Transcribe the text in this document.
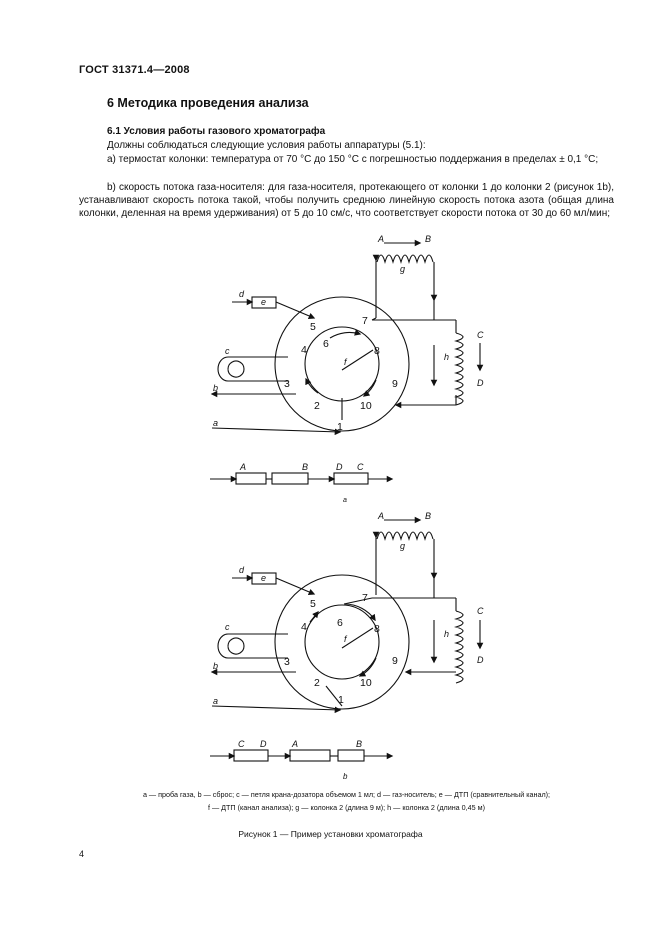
ГОСТ 31371.4—2008
6 Методика проведения анализа
6.1 Условия работы газового хроматографа
Должны соблюдаться следующие условия работы аппаратуры (5.1):
a) термостат колонки: температура от 70 °С до 150 °С с погрешностью поддержания в пределах ± 0,1 °С;
b) скорость потока газа-носителя: для газа-носителя, протекающего от колонки 1 до колонки 2 (рисунок 1b), устанавливают скорость потока такой, чтобы получить среднюю линейную скорость потока азота (общая длина колонки, деленная на время удерживания) от 5 до 10 см/с, что соответствует скорости потока от 30 до 60 мл/мин;
A	B
g
d
e
c
b
a
f	h
C
D
A	B	D C
a
1
2
3
4
5
6
7
8
9
10
A	B
g
d
e
c
b
a
f	h
C
D
C D	A	B
b
1
2
3
4
5
6
7
8
9
10
a — проба газа, b — сброс; c — петля крана-дозатора объемом 1 мл; d — газ-носитель; e — ДТП (сравнительный канал);
f — ДТП (канал анализа); g — колонка 2 (длина 9 м); h — колонка 2 (длина 0,45 м)
Рисунок 1 — Пример установки хроматографа
4
